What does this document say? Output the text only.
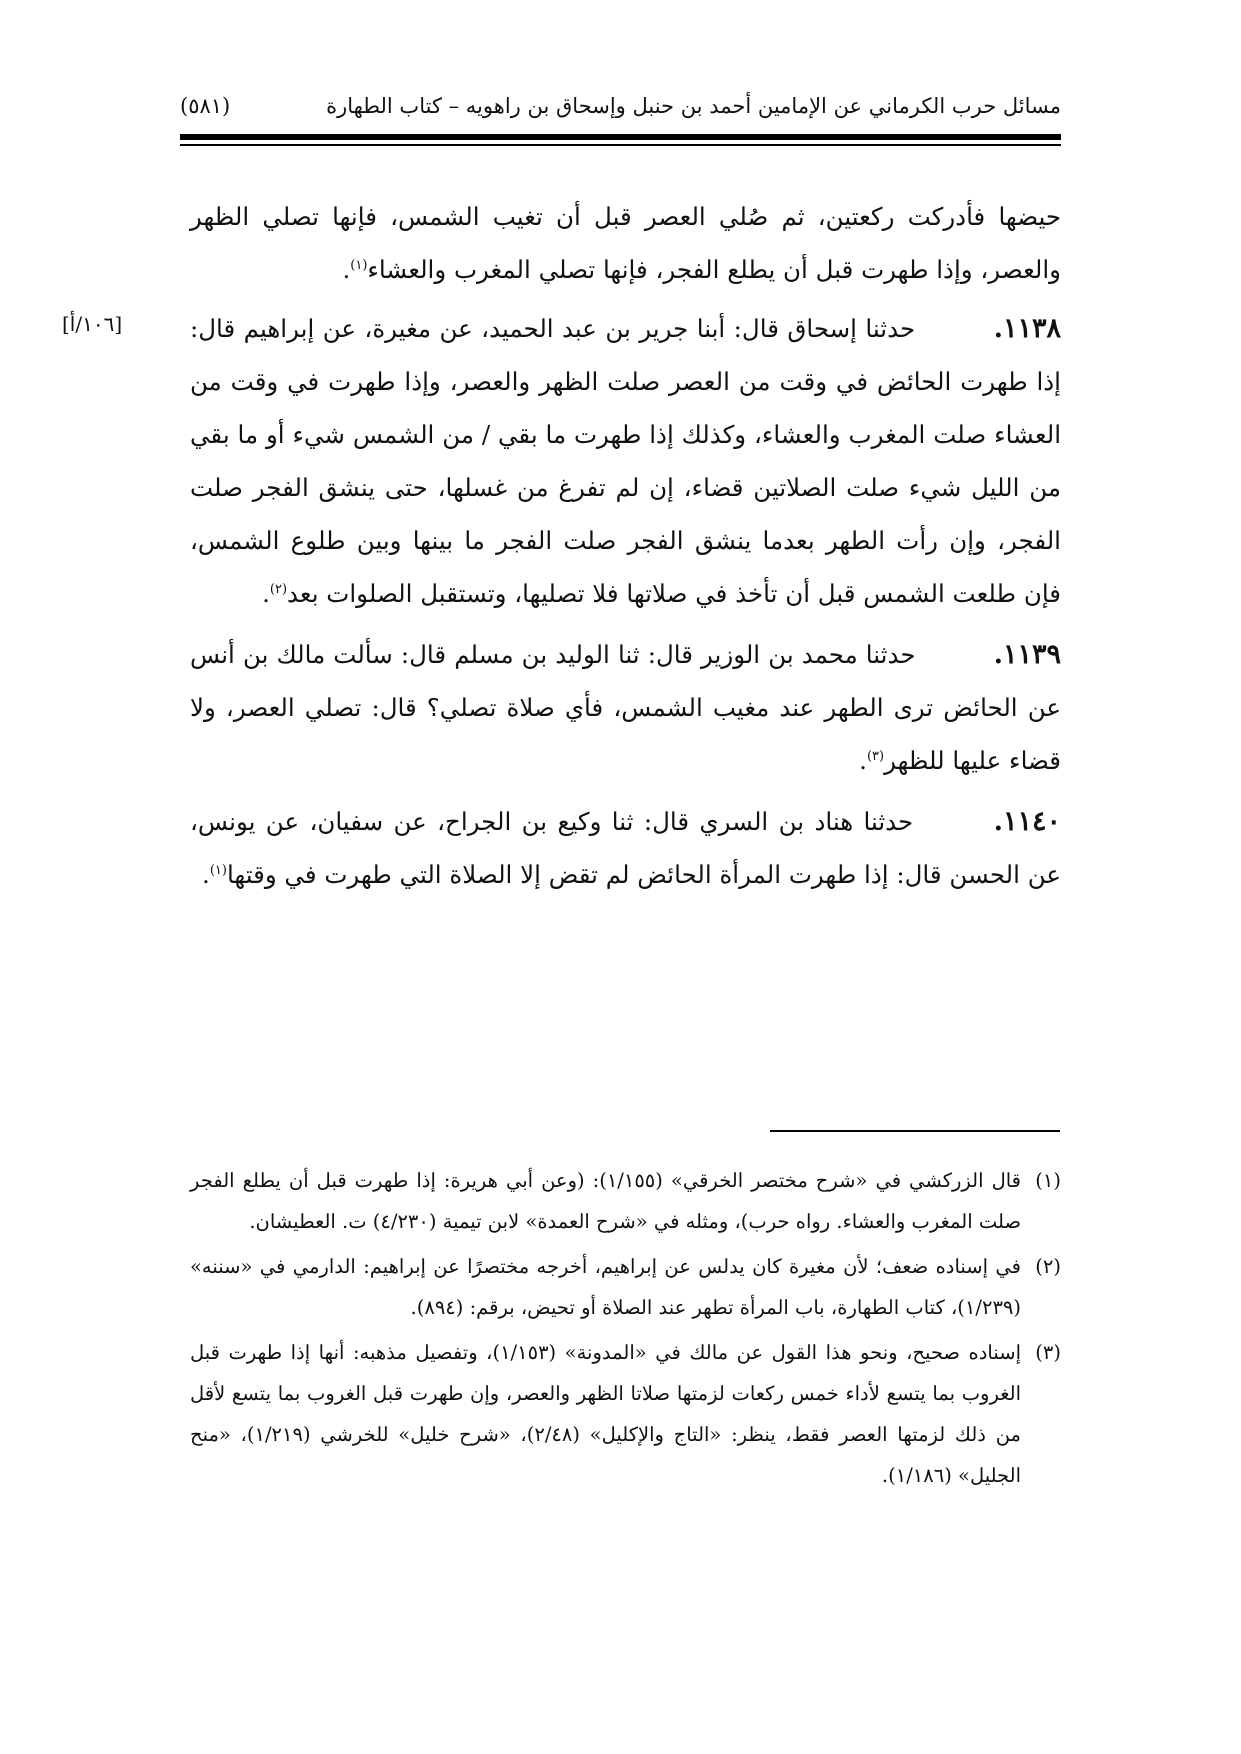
مسائل حرب الكرماني عن الإمامين أحمد بن حنبل وإسحاق بن راهويه – كتاب الطهارة
(٥٨١)
[١٠٦/أ]

حيضها فأدركت ركعتين، ثم صُلي العصر قبل أن تغيب الشمس، فإنها تصلي الظهر والعصر، وإذا طهرت قبل أن يطلع الفجر، فإنها تصلي المغرب والعشاء$^{(١)}$.

١١٣٨. حدثنا إسحاق قال: أبنا جرير بن عبد الحميد، عن مغيرة، عن إبراهيم قال: إذا طهرت الحائض في وقت من العصر صلت الظهر والعصر، وإذا طهرت في وقت من العشاء صلت المغرب والعشاء، وكذلك إذا طهرت ما بقي / من الشمس شيء أو ما بقي من الليل شيء صلت الصلاتين قضاء، إن لم تفرغ من غسلها، حتى ينشق الفجر صلت الفجر، وإن رأت الطهر بعدما ينشق الفجر صلت الفجر ما بينها وبين طلوع الشمس، فإن طلعت الشمس قبل أن تأخذ في صلاتها فلا تصليها، وتستقبل الصلوات بعد$^{(٢)}$.

١١٣٩. حدثنا محمد بن الوزير قال: ثنا الوليد بن مسلم قال: سألت مالك بن أنس عن الحائض ترى الطهر عند مغيب الشمس، فأي صلاة تصلي؟ قال: تصلي العصر، ولا قضاء عليها للظهر$^{(٣)}$.

١١٤٠. حدثنا هناد بن السري قال: ثنا وكيع بن الجراح، عن سفيان، عن يونس، عن الحسن قال: إذا طهرت المرأة الحائض لم تقض إلا الصلاة التي طهرت في وقتها$^{(١)}$.

(١)
قال الزركشي في «شرح مختصر الخرقي» (١/١٥٥): (وعن أبي هريرة: إذا طهرت قبل أن يطلع الفجر صلت المغرب والعشاء. رواه حرب)، ومثله في «شرح العمدة» لابن تيمية (٤/٢٣٠) ت. العطيشان.

(٢)
في إسناده ضعف؛ لأن مغيرة كان يدلس عن إبراهيم، أخرجه مختصرًا عن إبراهيم: الدارمي في «سننه» (١/٢٣٩)، كتاب الطهارة، باب المرأة تطهر عند الصلاة أو تحيض، برقم: (٨٩٤).

(٣)
إسناده صحيح، ونحو هذا القول عن مالك في «المدونة» (١/١٥٣)، وتفصيل مذهبه: أنها إذا طهرت قبل الغروب بما يتسع لأداء خمس ركعات لزمتها صلاتا الظهر والعصر، وإن طهرت قبل الغروب بما يتسع لأقل من ذلك لزمتها العصر فقط، ينظر: «التاج والإكليل» (٢/٤٨)، «شرح خليل» للخرشي (١/٢١٩)، «منح الجليل» (١/١٨٦).
